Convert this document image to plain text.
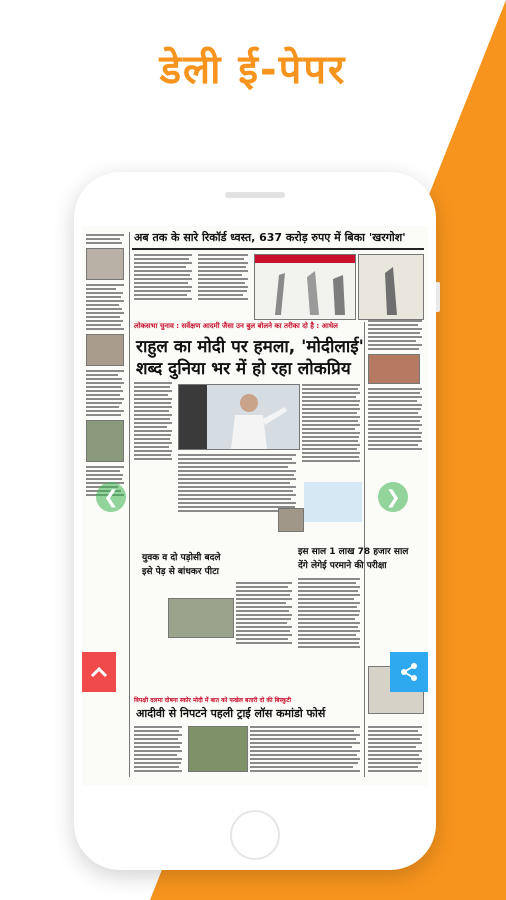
डेली ई-पेपर
अब तक के सारे रिकॉर्ड ध्वस्त, 637 करोड़ रुपए में बिका 'खरगोश'
लोकसभा चुनाव : सर्वेक्षण आदमी जैसा उन बुल बोलने का तरीका दो है : आधेल
राहुल का मोदी पर हमला, 'मोदीलाई'
शब्द दुनिया भर में हो रहा लोकप्रिय
इस साल 1 लाख 78 हजार साल
देंगे लेगेई परमाने की परीक्षा
युवक व दो पड़ोसी बदले
इसे पेड़ से बांधकर पीटा
विपक्षी दलमा दोषना स्कोर मोदी में बात को फखेल बतारी दो की बिस्कुटी
आदीवी से निपटने पहली ट्राई लॉस कमांडो फोर्स
❮	❯
